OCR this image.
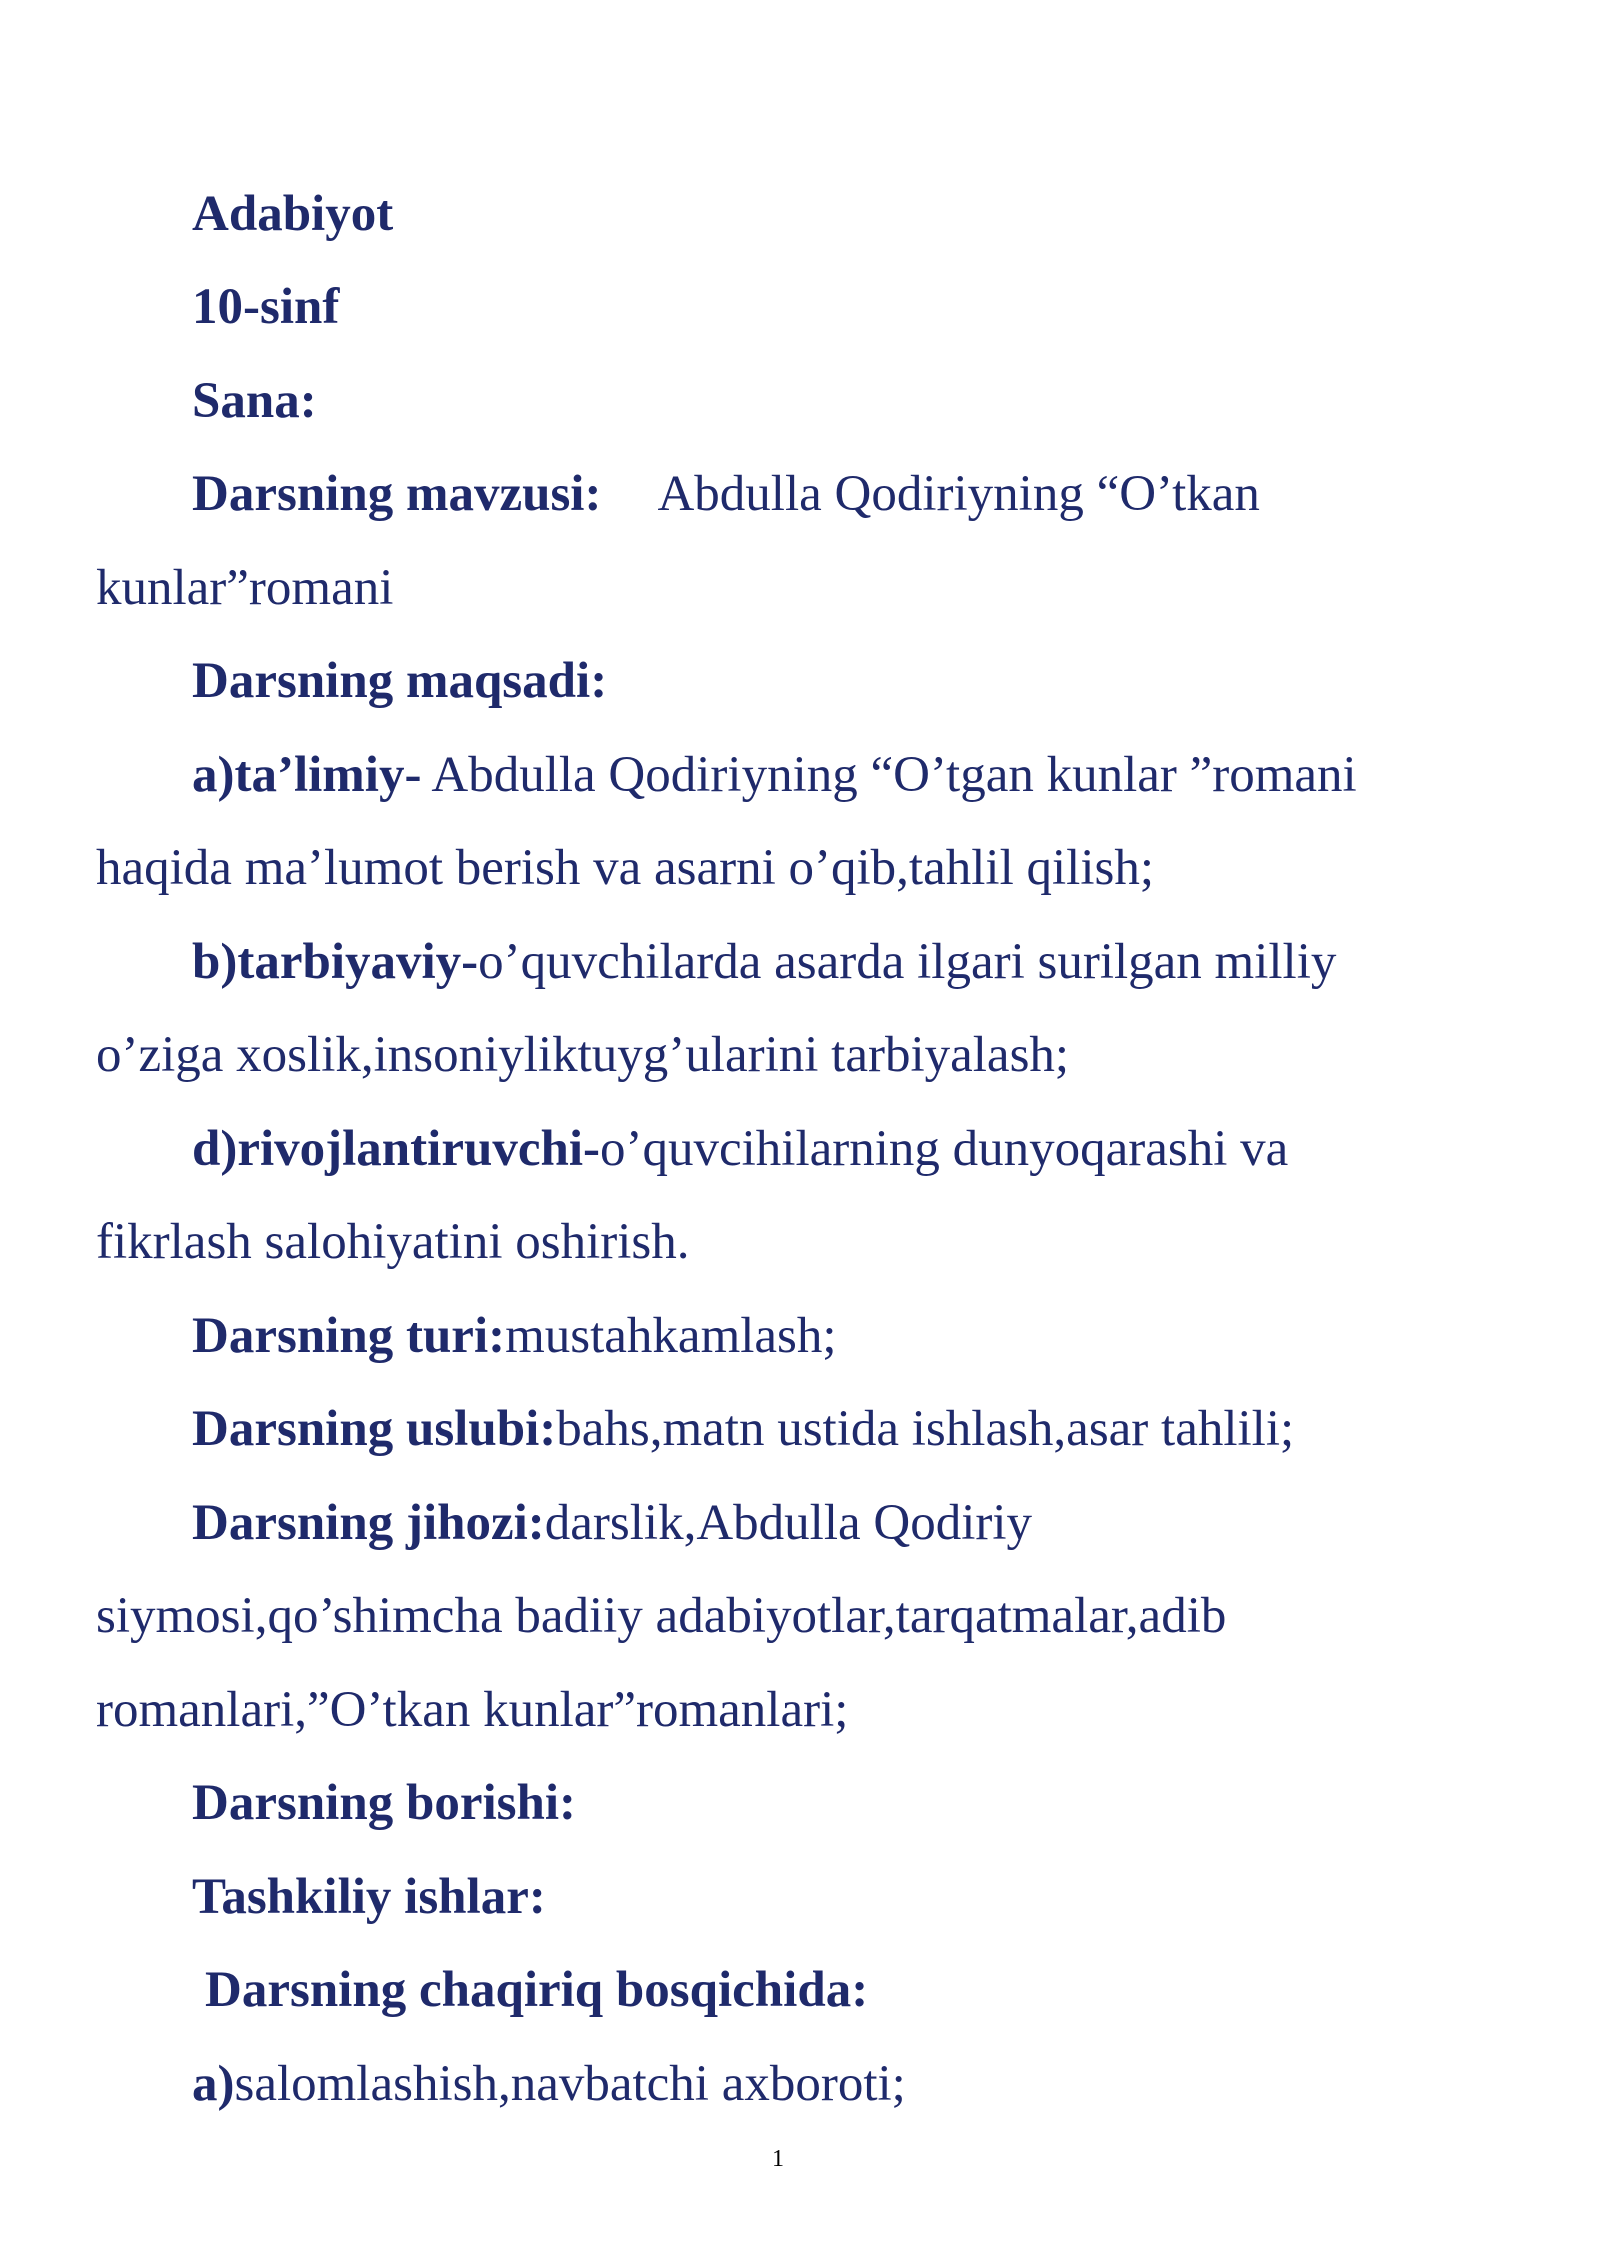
Adabiyot
10-sinf
Sana:
Darsning mavzusi: Abdulla Qodiriyning “O’tkan
kunlar”romani
Darsning maqsadi:
a)ta’limiy- Abdulla Qodiriyning “O’tgan kunlar ”romani
haqida ma’lumot berish va asarni o’qib,tahlil qilish;
b)tarbiyaviy-o’quvchilarda asarda ilgari surilgan milliy
o’ziga xoslik,insoniyliktuyg’ularini tarbiyalash;
d)rivojlantiruvchi-o’quvcihilarning dunyoqarashi va
fikrlash salohiyatini oshirish.
Darsning turi:mustahkamlash;
Darsning uslubi:bahs,matn ustida ishlash,asar tahlili;
Darsning jihozi:darslik,Abdulla Qodiriy
siymosi,qo’shimcha badiiy adabiyotlar,tarqatmalar,adib
romanlari,”O’tkan kunlar”romanlari;
Darsning borishi:
Tashkiliy ishlar:
Darsning chaqiriq bosqichida:
a)salomlashish,navbatchi axboroti;
1
